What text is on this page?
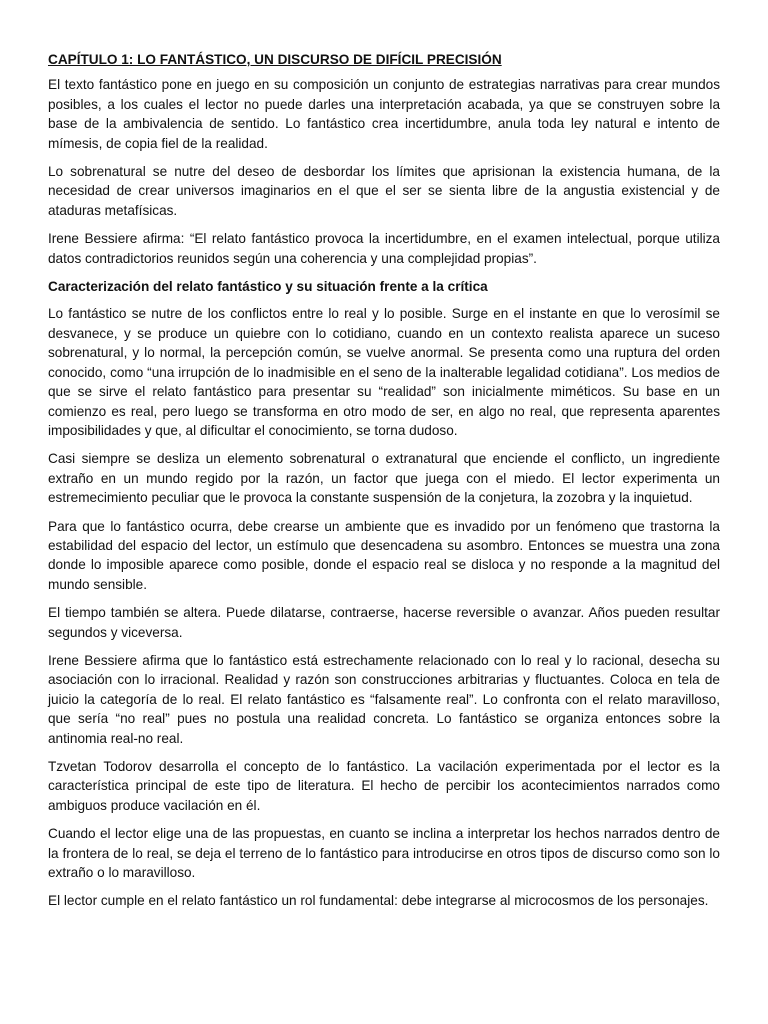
CAPÍTULO 1: LO FANTÁSTICO, UN DISCURSO DE DIFÍCIL PRECISIÓN

El texto fantástico pone en juego en su composición un conjunto de estrategias narrativas para crear mundos posibles, a los cuales el lector no puede darles una interpretación acabada, ya que se construyen sobre la base de la ambivalencia de sentido. Lo fantástico crea incertidumbre, anula toda ley natural e intento de mímesis, de copia fiel de la realidad.

Lo sobrenatural se nutre del deseo de desbordar los límites que aprisionan la existencia humana, de la necesidad de crear universos imaginarios en el que el ser se sienta libre de la angustia existencial y de ataduras metafísicas.

Irene Bessiere afirma: “El relato fantástico provoca la incertidumbre, en el examen intelectual, porque utiliza datos contradictorios reunidos según una coherencia y una complejidad propias”.

Caracterización del relato fantástico y su situación frente a la crítica

Lo fantástico se nutre de los conflictos entre lo real y lo posible. Surge en el instante en que lo verosímil se desvanece, y se produce un quiebre con lo cotidiano, cuando en un contexto realista aparece un suceso sobrenatural, y lo normal, la percepción común, se vuelve anormal. Se presenta como una ruptura del orden conocido, como “una irrupción de lo inadmisible en el seno de la inalterable legalidad cotidiana”. Los medios de que se sirve el relato fantástico para presentar su “realidad” son inicialmente miméticos. Su base en un comienzo es real, pero luego se transforma en otro modo de ser, en algo no real, que representa aparentes imposibilidades y que, al dificultar el conocimiento, se torna dudoso.

Casi siempre se desliza un elemento sobrenatural o extranatural que enciende el conflicto, un ingrediente extraño en un mundo regido por la razón, un factor que juega con el miedo. El lector experimenta un estremecimiento peculiar que le provoca la constante suspensión de la conjetura, la zozobra y la inquietud.

Para que lo fantástico ocurra, debe crearse un ambiente que es invadido por un fenómeno que trastorna la estabilidad del espacio del lector, un estímulo que desencadena su asombro. Entonces se muestra una zona donde lo imposible aparece como posible, donde el espacio real se disloca y no responde a la magnitud del mundo sensible.

El tiempo también se altera. Puede dilatarse, contraerse, hacerse reversible o avanzar. Años pueden resultar segundos y viceversa.

Irene Bessiere afirma que lo fantástico está estrechamente relacionado con lo real y lo racional, desecha su asociación con lo irracional. Realidad y razón son construcciones arbitrarias y fluctuantes. Coloca en tela de juicio la categoría de lo real. El relato fantástico es “falsamente real”. Lo confronta con el relato maravilloso, que sería “no real” pues no postula una realidad concreta. Lo fantástico se organiza entonces sobre la antinomia real-no real.

Tzvetan Todorov desarrolla el concepto de lo fantástico. La vacilación experimentada por el lector es la característica principal de este tipo de literatura. El hecho de percibir los acontecimientos narrados como ambiguos produce vacilación en él.

Cuando el lector elige una de las propuestas, en cuanto se inclina a interpretar los hechos narrados dentro de la frontera de lo real, se deja el terreno de lo fantástico para introducirse en otros tipos de discurso como son lo extraño o lo maravilloso.

El lector cumple en el relato fantástico un rol fundamental: debe integrarse al microcosmos de los personajes.
